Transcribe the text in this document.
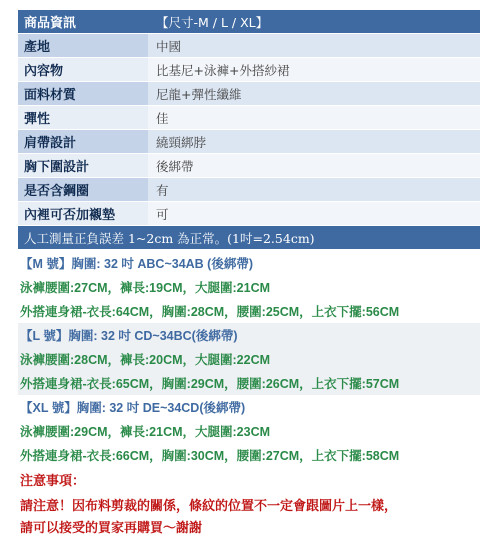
商品資訊	【尺寸-M / L / XL】
產地	中國
內容物	比基尼+泳褲+外搭紗裙
面料材質	尼龍+彈性纖維
彈性	佳
肩帶設計	繞頸綁脖
胸下圍設計	後綁帶
是否含鋼圈	有
內裡可否加襯墊	可
人工測量正負誤差 1~2cm 為正常。(1吋=2.54cm)
【M 號】胸圍: 32 吋 ABC~34AB (後綁帶)
泳褲腰圍:27CM，褲長:19CM，大腿圍:21CM
外搭連身裙-衣長:64CM，胸圍:28CM，腰圍:25CM，上衣下擺:56CM
【L 號】胸圍: 32 吋 CD~34BC(後綁帶)
泳褲腰圍:28CM，褲長:20CM，大腿圍:22CM
外搭連身裙-衣長:65CM，胸圍:29CM，腰圍:26CM，上衣下擺:57CM
【XL 號】胸圍: 32 吋 DE~34CD(後綁帶)
泳褲腰圍:29CM，褲長:21CM，大腿圍:23CM
外搭連身裙-衣長:66CM，胸圍:30CM，腰圍:27CM，上衣下擺:58CM
注意事項：
請注意！因布料剪裁的關係，條紋的位置不一定會跟圖片上一樣，
請可以接受的買家再購買～謝謝
